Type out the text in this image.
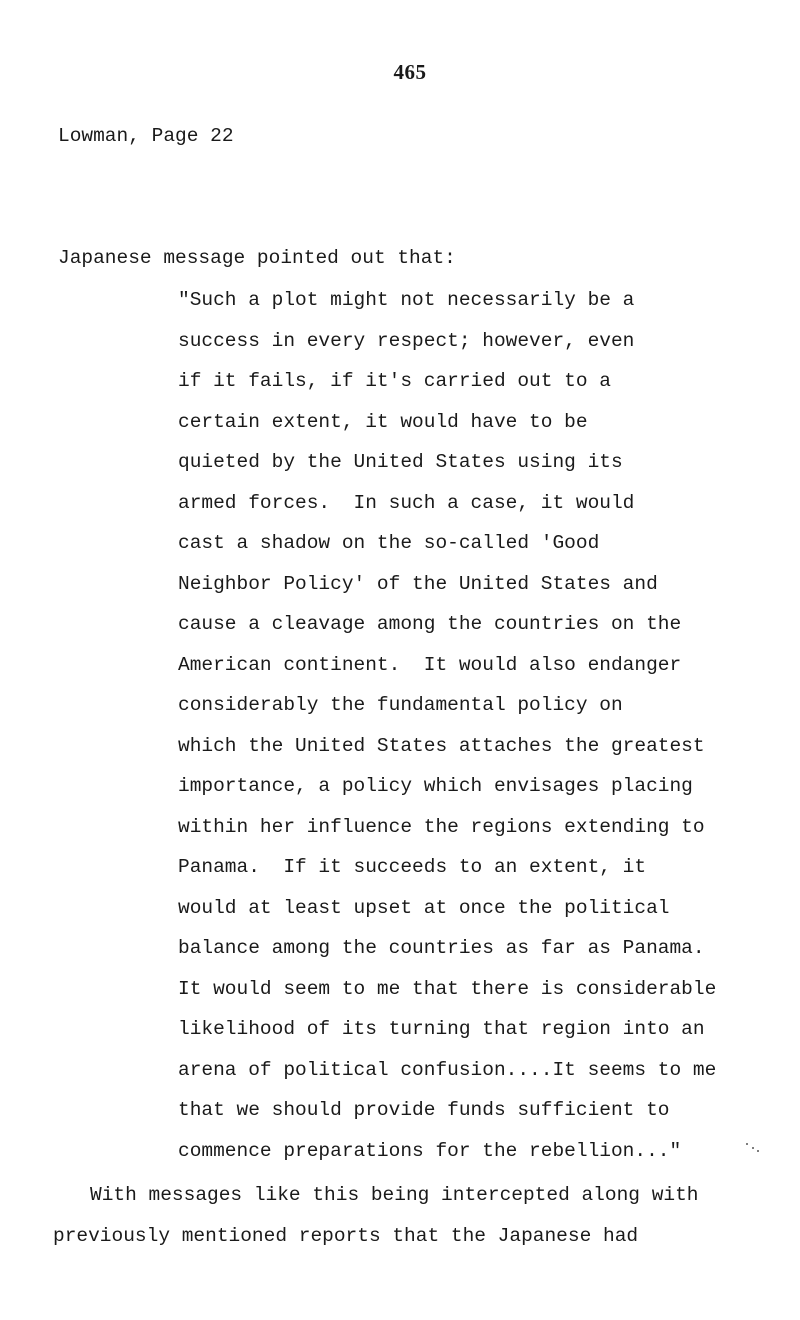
465
Lowman, Page 22
Japanese message pointed out that:
"Such a plot might not necessarily be a
success in every respect; however, even
if it fails, if it's carried out to a
certain extent, it would have to be
quieted by the United States using its
armed forces.  In such a case, it would
cast a shadow on the so-called 'Good
Neighbor Policy' of the United States and
cause a cleavage among the countries on the
American continent.  It would also endanger
considerably the fundamental policy on
which the United States attaches the greatest
importance, a policy which envisages placing
within her influence the regions extending to
Panama.  If it succeeds to an extent, it
would at least upset at once the political
balance among the countries as far as Panama.
It would seem to me that there is considerable
likelihood of its turning that region into an
arena of political confusion....It seems to me
that we should provide funds sufficient to
commence preparations for the rebellion..."
With messages like this being intercepted along with
previously mentioned reports that the Japanese had
